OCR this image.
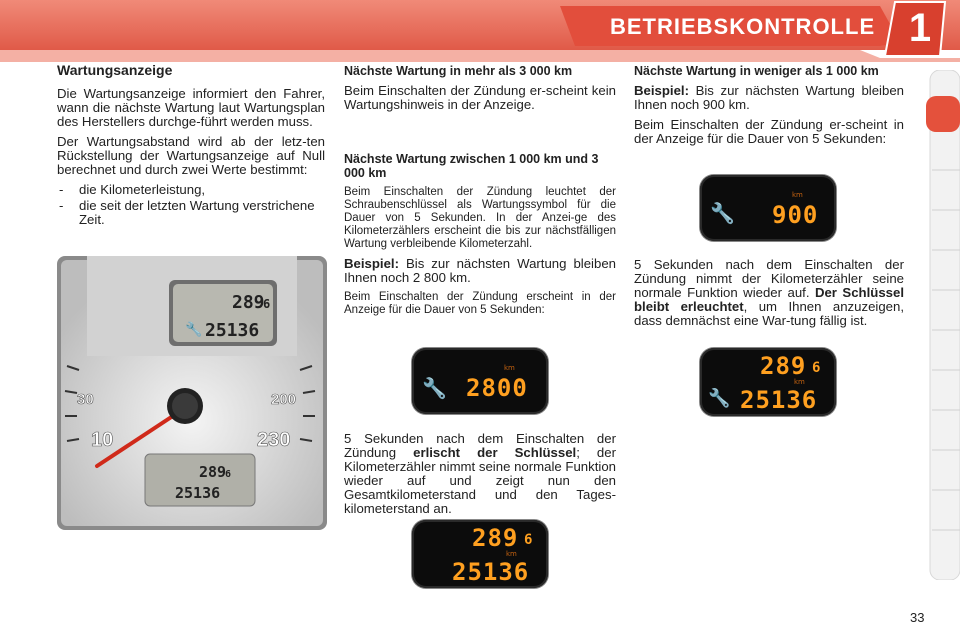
BETRIEBSKONTROLLE 1
Wartungsanzeige

Die Wartungsanzeige informiert den Fahrer, wann die nächste Wartung laut Wartungsplan des Herstellers durchge-führt werden muss.

Der Wartungsabstand wird ab der letz-ten Rückstellung der Wartungsanzeige auf Null berechnet und durch zwei Werte bestimmt:

- die Kilometerleistung,
- die seit der letzten Wartung verstrichene Zeit.
289
6
25136
🔧
30	200
10	230
289
6
25136
Nächste Wartung in mehr als 3 000 km

Beim Einschalten der Zündung er-scheint kein Wartungshinweis in der Anzeige.

Nächste Wartung zwischen 1 000 km und 3 000 km

Beim Einschalten der Zündung leuchtet der Schraubenschlüssel als Wartungssymbol für die Dauer von 5 Sekunden. In der Anzei-ge des Kilometerzählers erscheint die bis zur nächstfälligen Wartung verbleibende Kilometerzahl.

Beispiel: Bis zur nächsten Wartung bleiben Ihnen noch 2 800 km.

Beim Einschalten der Zündung erscheint in der Anzeige für die Dauer von 5 Sekunden:

km
🔧 2800

5 Sekunden nach dem Einschalten der Zündung erlischt der Schlüssel; der Kilometerzähler nimmt seine normale Funktion wieder auf und zeigt nun den Gesamtkilometerstand und den Tages-kilometerstand an.

289 6
km
25136
Nächste Wartung in weniger als 1 000 km

Beispiel: Bis zur nächsten Wartung bleiben Ihnen noch 900 km.

Beim Einschalten der Zündung er-scheint in der Anzeige für die Dauer von 5 Sekunden:

km
🔧 900

5 Sekunden nach dem Einschalten der Zündung nimmt der Kilometerzähler seine normale Funktion wieder auf. Der Schlüssel bleibt erleuchtet, um Ihnen anzuzeigen, dass demnächst eine War-tung fällig ist.

289 6
km
🔧 25136
33
